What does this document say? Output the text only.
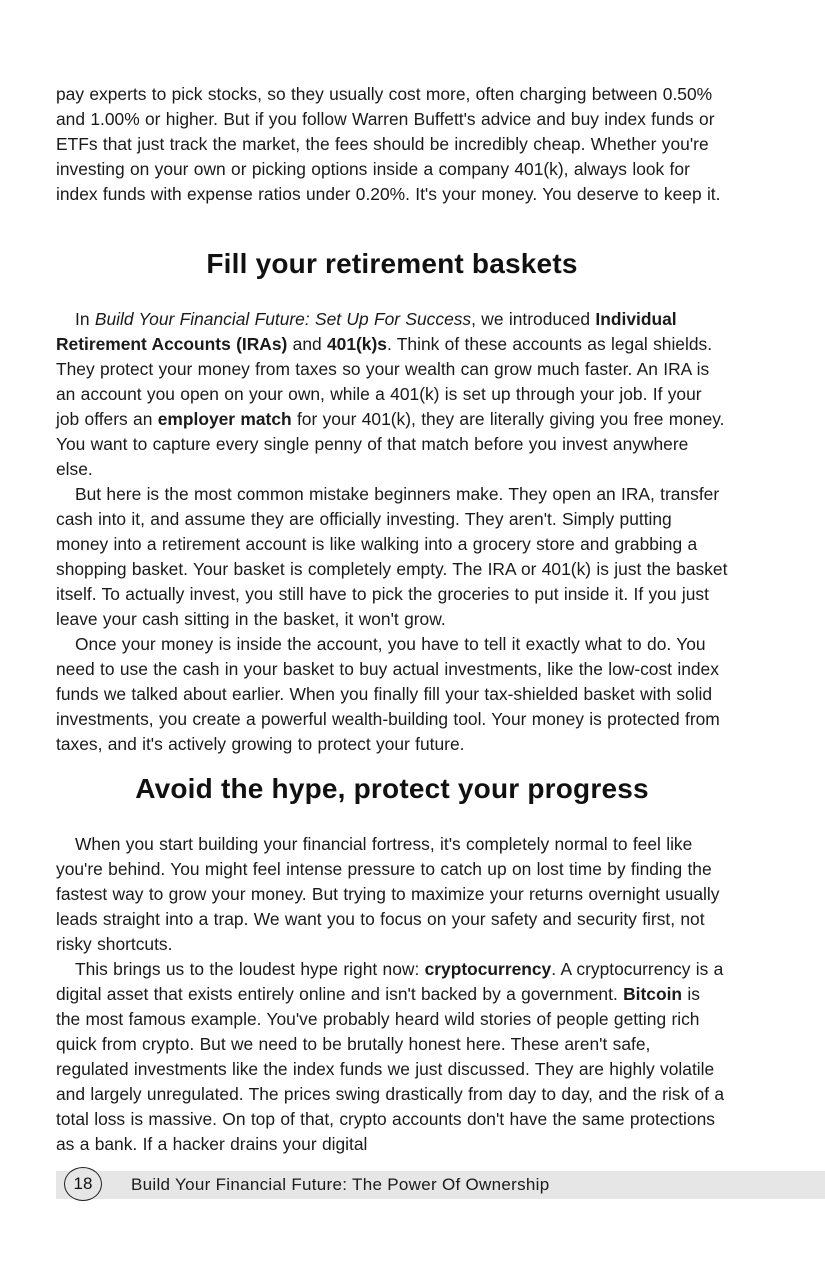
pay experts to pick stocks, so they usually cost more, often charging between 0.50% and 1.00% or higher. But if you follow Warren Buffett's advice and buy index funds or ETFs that just track the market, the fees should be incredibly cheap. Whether you're investing on your own or picking options inside a company 401(k), always look for index funds with expense ratios under 0.20%. It's your money. You deserve to keep it.

Fill your retirement baskets

In Build Your Financial Future: Set Up For Success, we introduced Individual Retirement Accounts (IRAs) and 401(k)s. Think of these accounts as legal shields. They protect your money from taxes so your wealth can grow much faster. An IRA is an account you open on your own, while a 401(k) is set up through your job. If your job offers an employer match for your 401(k), they are literally giving you free money. You want to capture every single penny of that match before you invest anywhere else.

But here is the most common mistake beginners make. They open an IRA, transfer cash into it, and assume they are officially investing. They aren't. Simply putting money into a retirement account is like walking into a grocery store and grabbing a shopping basket. Your basket is completely empty. The IRA or 401(k) is just the basket itself. To actually invest, you still have to pick the groceries to put inside it. If you just leave your cash sitting in the basket, it won't grow.

Once your money is inside the account, you have to tell it exactly what to do. You need to use the cash in your basket to buy actual investments, like the low-cost index funds we talked about earlier. When you finally fill your tax-shielded basket with solid investments, you create a powerful wealth-building tool. Your money is protected from taxes, and it's actively growing to protect your future.

Avoid the hype, protect your progress

When you start building your financial fortress, it's completely normal to feel like you're behind. You might feel intense pressure to catch up on lost time by finding the fastest way to grow your money. But trying to maximize your returns overnight usually leads straight into a trap. We want you to focus on your safety and security first, not risky shortcuts.

This brings us to the loudest hype right now: cryptocurrency. A cryptocurrency is a digital asset that exists entirely online and isn't backed by a government. Bitcoin is the most famous example. You've probably heard wild stories of people getting rich quick from crypto. But we need to be brutally honest here. These aren't safe, regulated investments like the index funds we just discussed. They are highly volatile and largely unregulated. The prices swing drastically from day to day, and the risk of a total loss is massive. On top of that, crypto accounts don't have the same protections as a bank. If a hacker drains your digital

18	Build Your Financial Future: The Power Of Ownership
